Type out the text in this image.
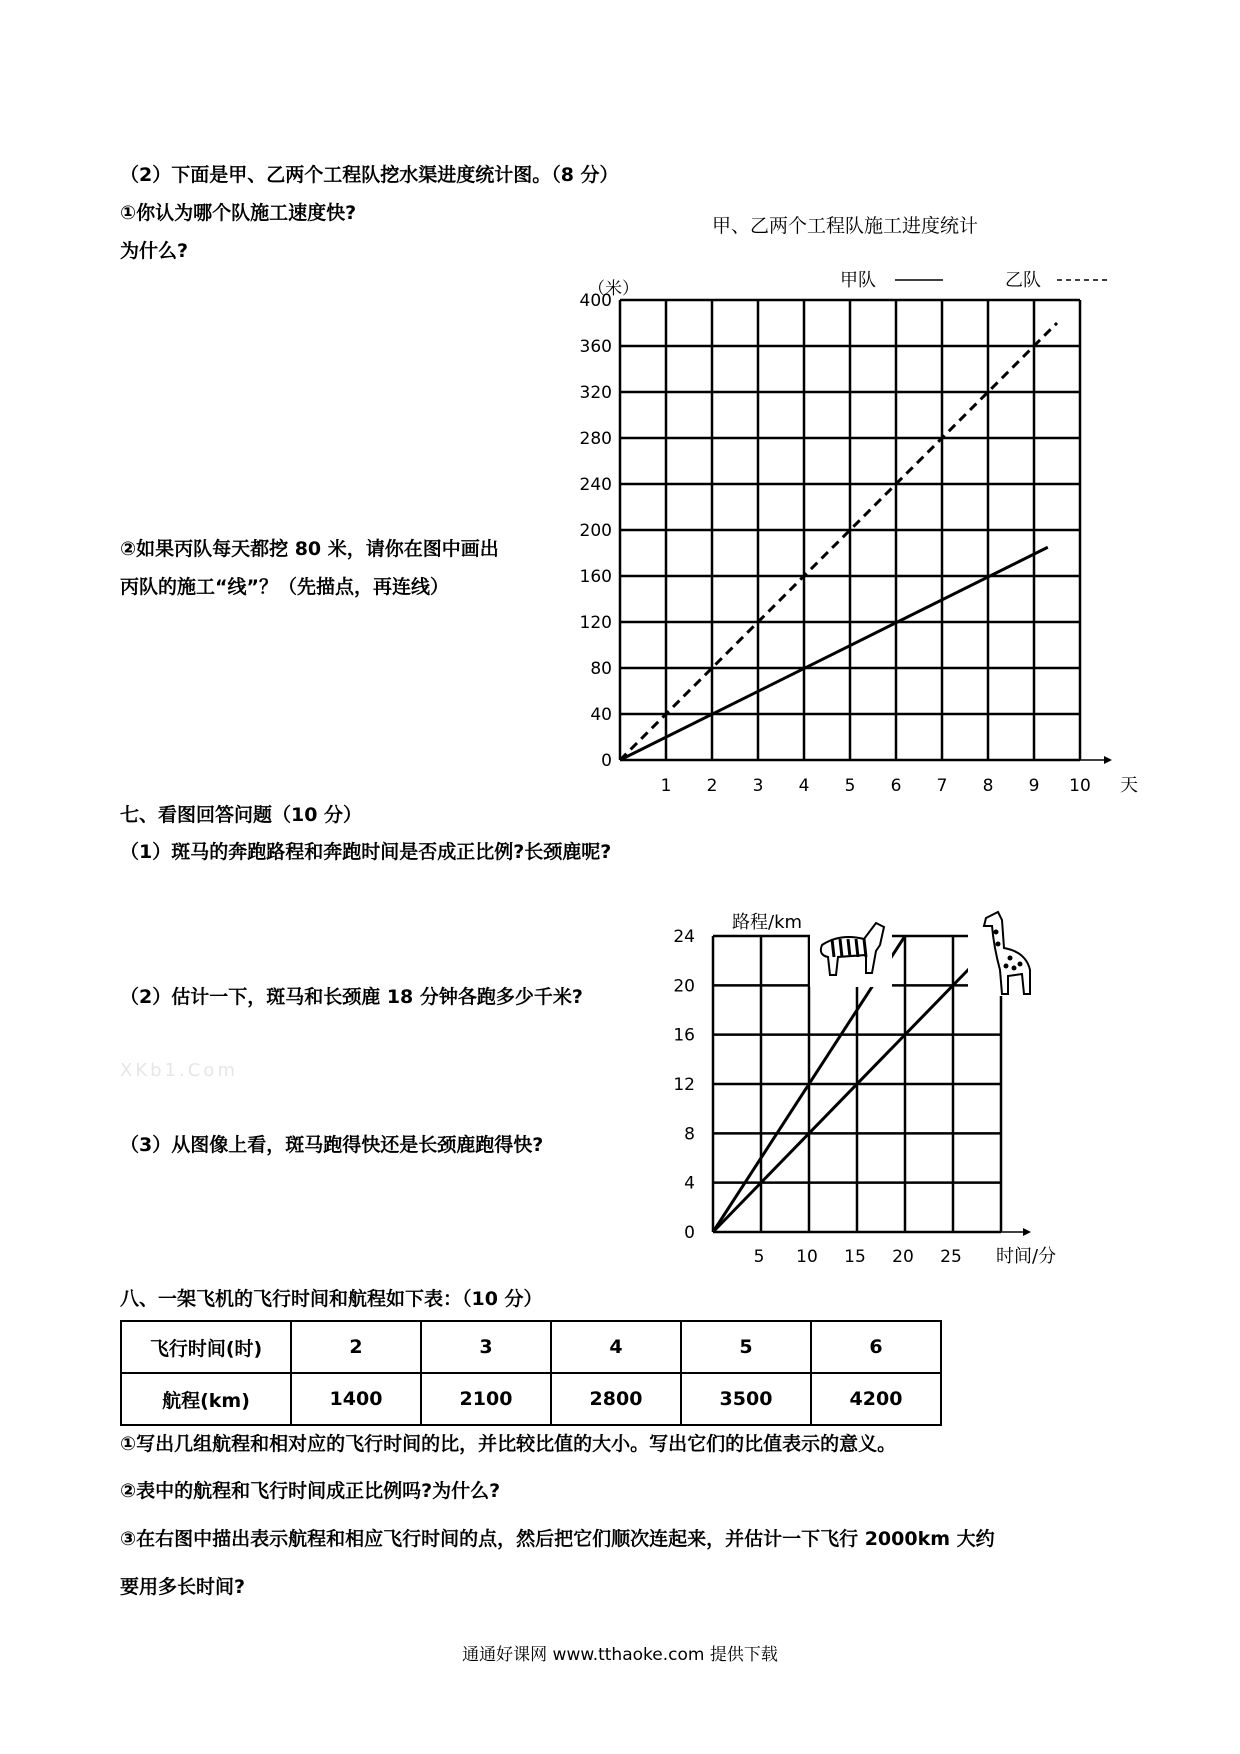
（2）下面是甲、乙两个工程队挖水渠进度统计图。（8 分）
①你认为哪个队施工速度快?
为什么?
②如果丙队每天都挖 80 米，请你在图中画出
丙队的施工“线”？（先描点，再连线）
甲、乙两个工程队施工进度统计
0
40
80
120
160
200
240
280
320
360
400
1 2 3 4 5 6 7 8 9 10 天
（米）	甲队	乙队
七、看图回答问题（10 分）
（1）斑马的奔跑路程和奔跑时间是否成正比例?长颈鹿呢?
（2）估计一下，斑马和长颈鹿 18 分钟各跑多少千米?
XKb1.Com
（3）从图像上看，斑马跑得快还是长颈鹿跑得快?
0
4
8
12
16
20
24
5 10 15 20 25 时间/分
路程/km
八、一架飞机的飞行时间和航程如下表：（10 分）
飞行时间(时)	2	3	4	5	6
航程(km)	1400	2100	2800	3500	4200
①写出几组航程和相对应的飞行时间的比，并比较比值的大小。写出它们的比值表示的意义。
②表中的航程和飞行时间成正比例吗?为什么?
③在右图中描出表示航程和相应飞行时间的点，然后把它们顺次连起来，并估计一下飞行 2000km 大约
要用多长时间?
通通好课网 www.tthaoke.com 提供下载
